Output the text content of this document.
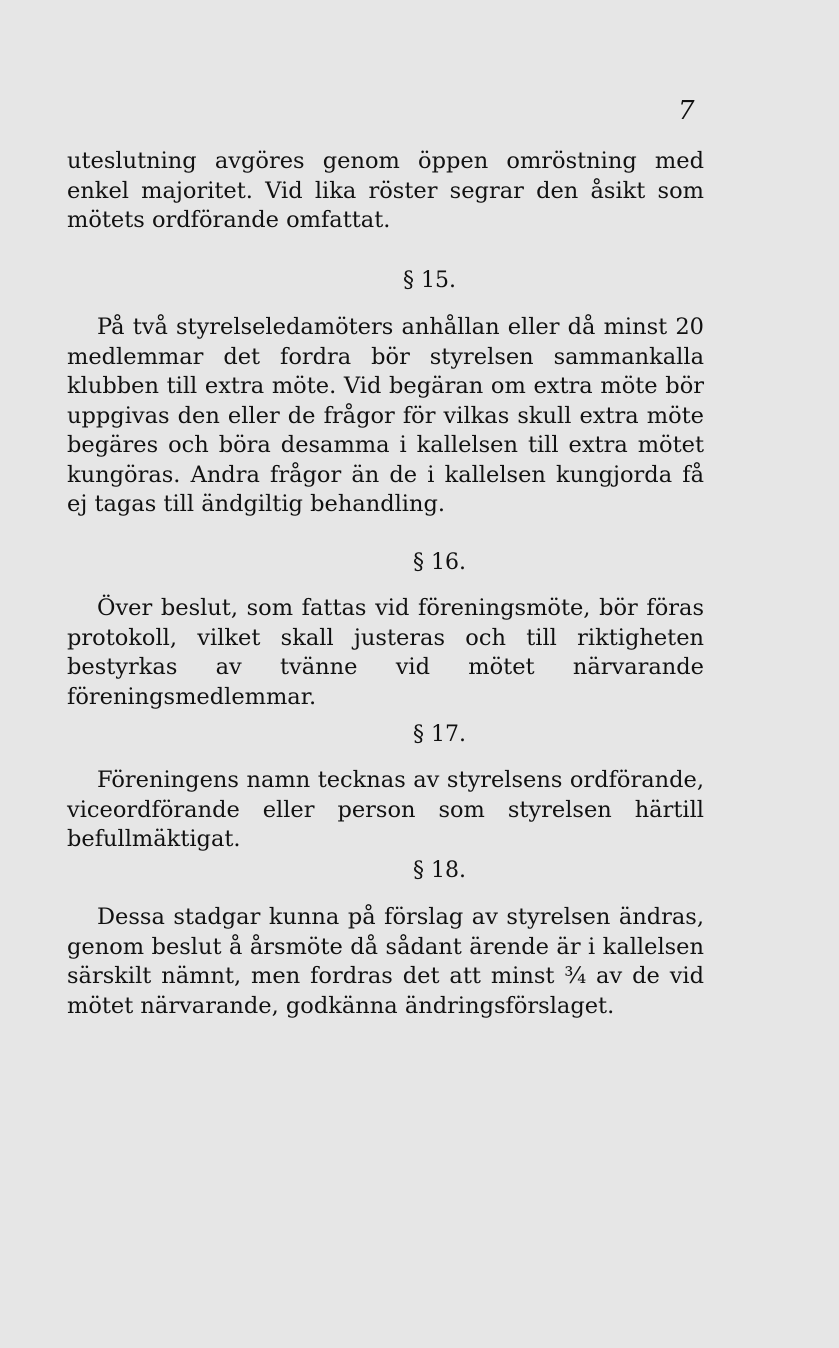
7

uteslutning avgöres genom öppen omröstning med enkel majoritet. Vid lika röster segrar den åsikt som mötets ordförande omfattat.

§ 15.

På två styrelseledamöters anhållan eller då minst 20 medlemmar det fordra bör styrelsen sammankalla klubben till extra möte. Vid begäran om extra möte bör uppgivas den eller de frågor för vilkas skull extra möte begäres och böra desamma i kallelsen till extra mötet kungöras. Andra frågor än de i kallelsen kungjorda få ej tagas till ändgiltig behandling.

§ 16.

Över beslut, som fattas vid föreningsmöte, bör föras protokoll, vilket skall justeras och till riktigheten bestyrkas av tvänne vid mötet närvarande föreningsmedlemmar.

§ 17.

Föreningens namn tecknas av styrelsens ordförande, viceordförande eller person som styrelsen härtill befullmäktigat.

§ 18.

Dessa stadgar kunna på förslag av styrelsen ändras, genom beslut å årsmöte då sådant ärende är i kallelsen särskilt nämnt, men fordras det att minst ¾ av de vid mötet närvarande, godkänna ändringsförslaget.
